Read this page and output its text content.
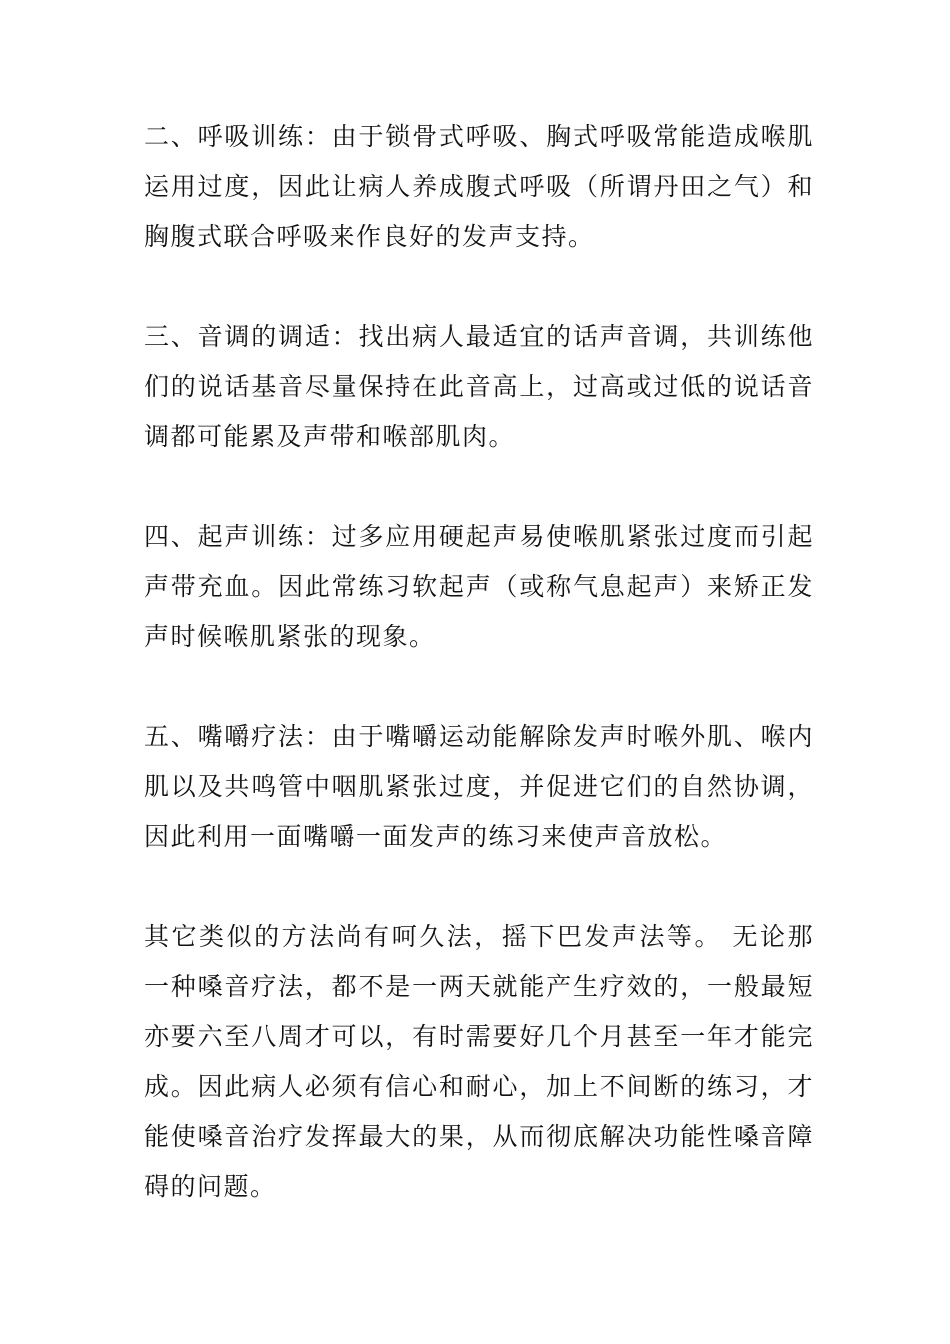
二、呼吸训练：由于锁骨式呼吸、胸式呼吸常能造成喉肌运用过度，因此让病人养成腹式呼吸（所谓丹田之气）和胸腹式联合呼吸来作良好的发声支持。

三、音调的调适：找出病人最适宜的话声音调，共训练他们的说话基音尽量保持在此音高上，过高或过低的说话音调都可能累及声带和喉部肌肉。

四、起声训练：过多应用硬起声易使喉肌紧张过度而引起声带充血。因此常练习软起声（或称气息起声）来矫正发声时候喉肌紧张的现象。

五、嘴嚼疗法：由于嘴嚼运动能解除发声时喉外肌、喉内肌以及共鸣管中咽肌紧张过度，并促进它们的自然协调，因此利用一面嘴嚼一面发声的练习来使声音放松。

其它类似的方法尚有呵久法，摇下巴发声法等。 无论那一种嗓音疗法，都不是一两天就能产生疗效的，一般最短亦要六至八周才可以，有时需要好几个月甚至一年才能完成。因此病人必须有信心和耐心，加上不间断的练习，才能使嗓音治疗发挥最大的果，从而彻底解决功能性嗓音障碍的问题。
